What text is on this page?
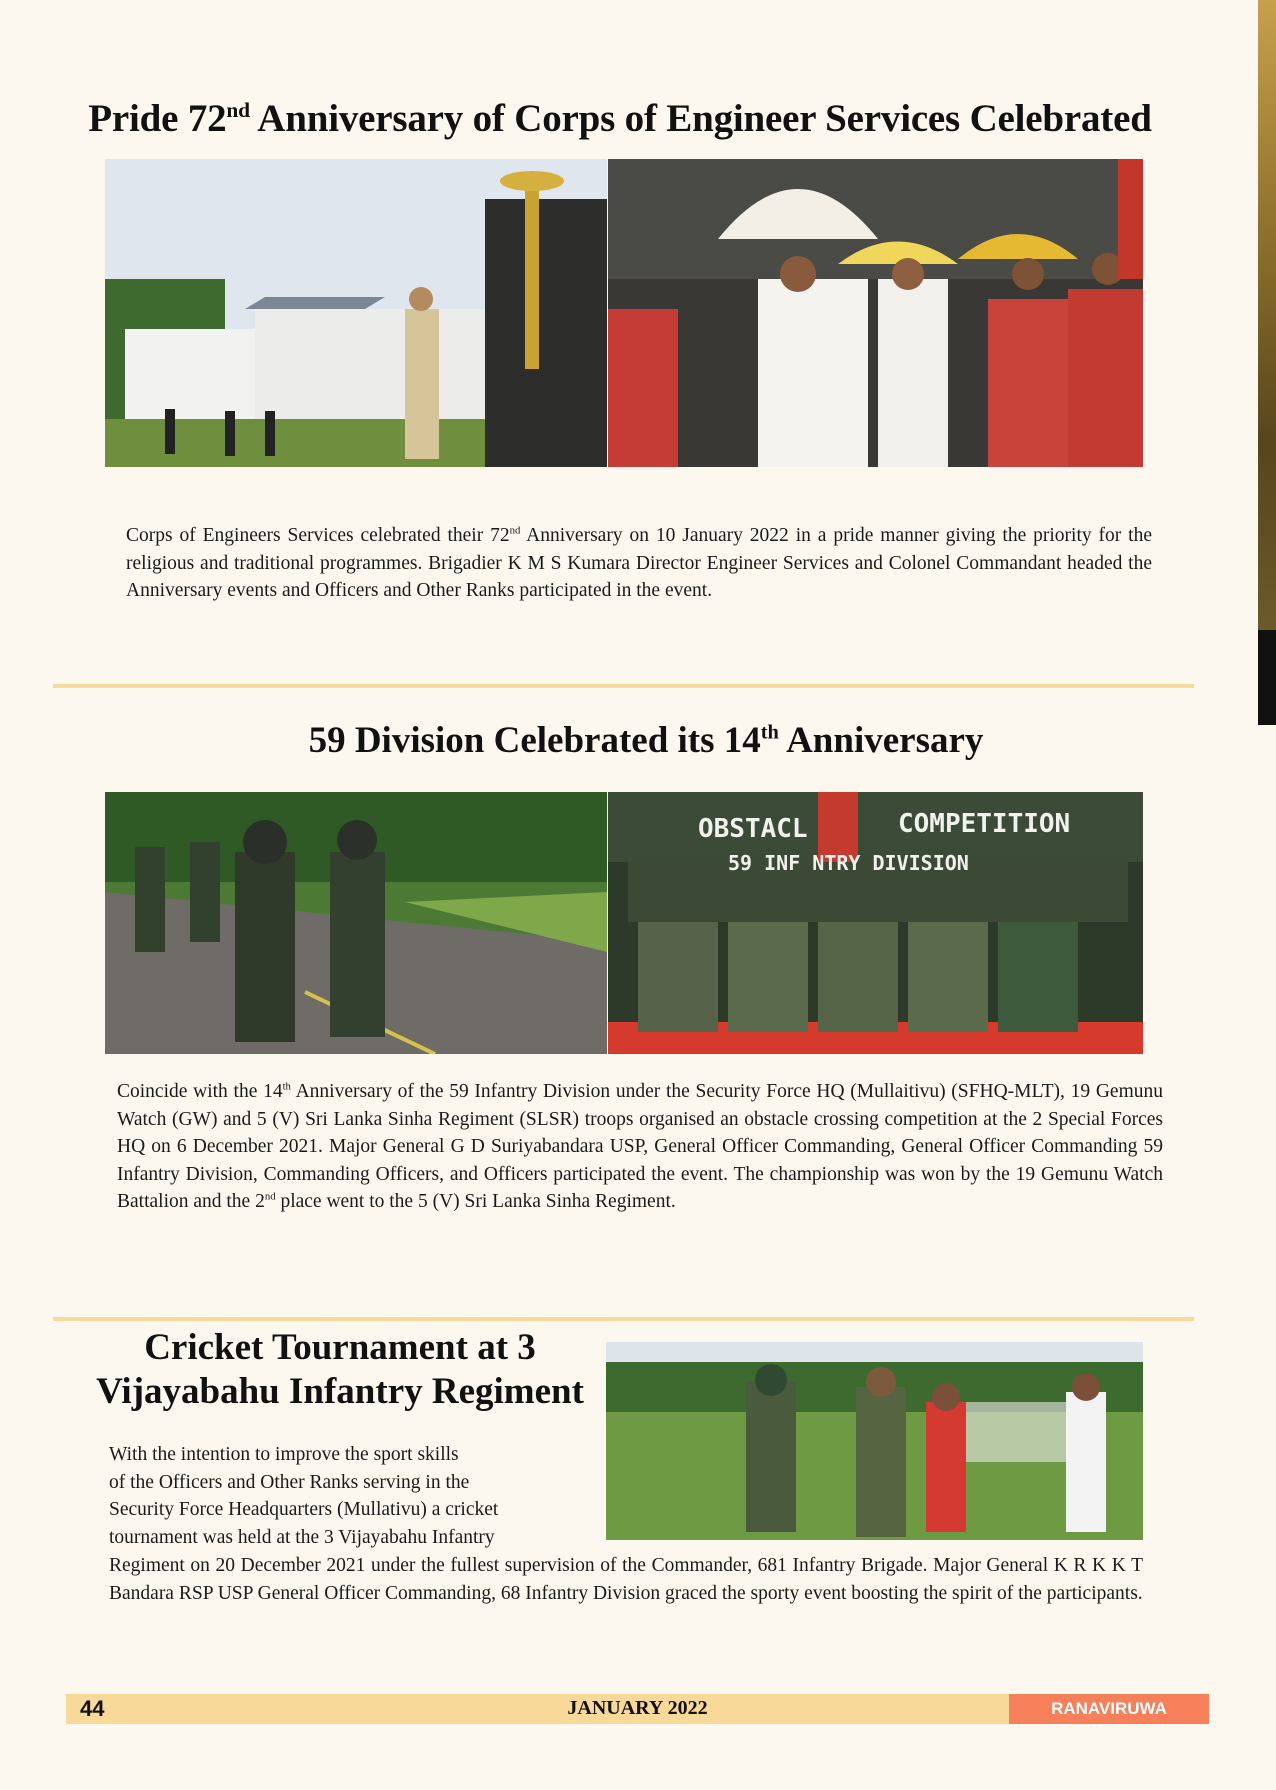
Pride 72nd Anniversary of Corps of Engineer Services Celebrated

Corps of Engineers Services celebrated their 72nd Anniversary on 10 January 2022 in a pride manner giving the priority for the religious and traditional programmes. Brigadier K M S Kumara Director Engineer Services and Colonel Commandant headed the Anniversary events and Officers and Other Ranks participated in the event.

59 Division Celebrated its 14th Anniversary
OBSTACL	COMPETITION
59 INF NTRY DIVISION

Coincide with the 14th Anniversary of the 59 Infantry Division under the Security Force HQ (Mullaitivu) (SFHQ-MLT), 19 Gemunu Watch (GW) and 5 (V) Sri Lanka Sinha Regiment (SLSR) troops organised an obstacle crossing competition at the 2 Special Forces HQ on 6 December 2021. Major General G D Suriyabandara USP, General Officer Commanding, General Officer Commanding 59 Infantry Division, Commanding Officers, and Officers participated the event. The championship was won by the 19 Gemunu Watch Battalion and the 2nd place went to the 5 (V) Sri Lanka Sinha Regiment.

Cricket Tournament at 3
Vijayabahu Infantry Regiment

With the intention to improve the sport skills
of the Officers and Other Ranks serving in the
Security Force Headquarters (Mullativu) a cricket
tournament was held at the 3 Vijayabahu Infantry

Regiment on 20 December 2021 under the fullest supervision of the Commander, 681 Infantry Brigade. Major General K R K K T Bandara RSP USP General Officer Commanding, 68 Infantry Division graced the sporty event boosting the spirit of the participants.

44	JANUARY 2022	RANAVIRUWA
